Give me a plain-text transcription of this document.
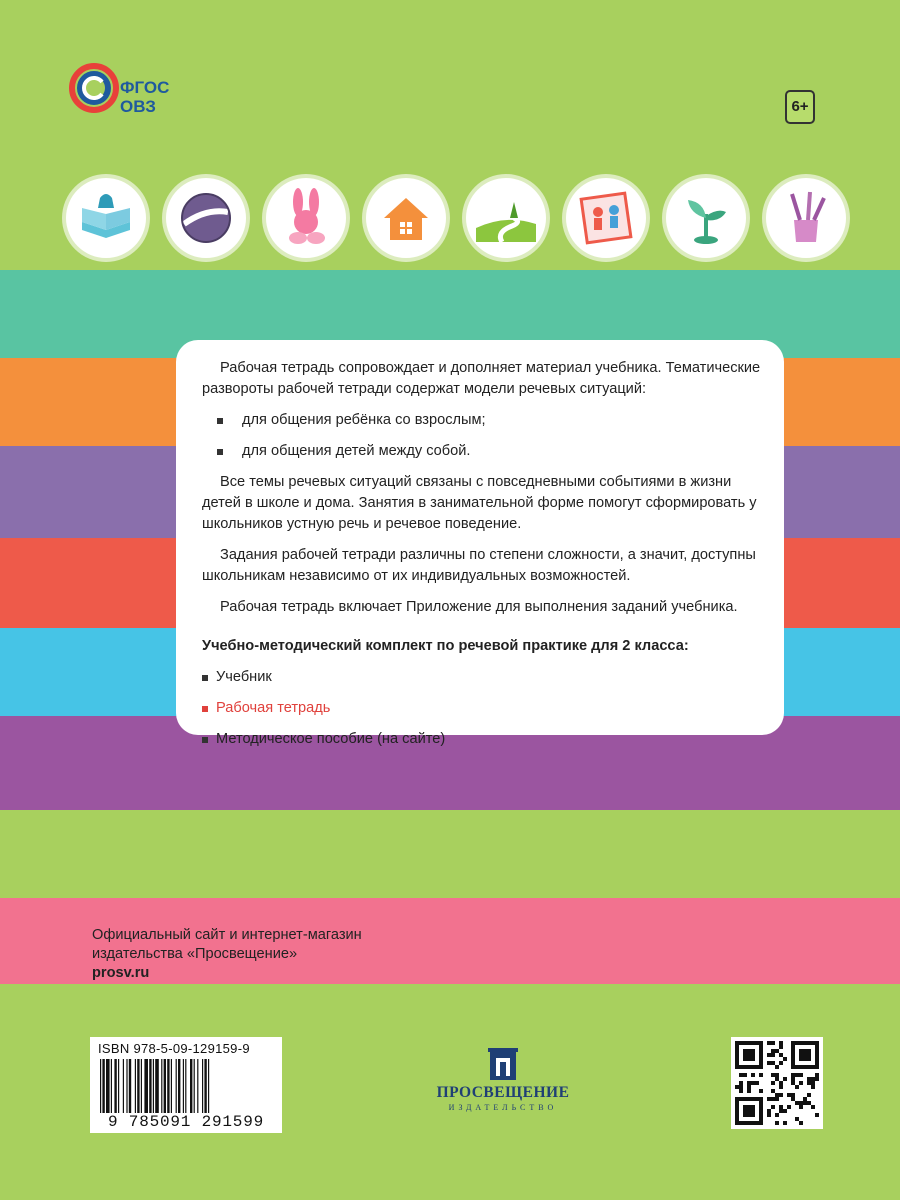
ФГОС
ОВЗ	6+

Рабочая тетрадь сопровождает и дополняет материал учебника. Тематические развороты рабочей тетради содержат модели речевых ситуаций:

для общения ребёнка со взрослым;
для общения детей между собой.

Все темы речевых ситуаций связаны с повседневными событиями в жизни детей в школе и дома. Занятия в занимательной форме помогут сформировать у школьников устную речь и речевое поведение.

Задания рабочей тетради различны по степени сложности, а значит, доступны школьникам независимо от их индивидуальных возможностей.

Рабочая тетрадь включает Приложение для выполнения заданий учебника.

Учебно-методический комплект по речевой практике для 2 класса:
Учебник
Рабочая тетрадь
Методическое пособие (на сайте)
Официальный сайт и интернет-магазин
издательства «Просвещение»
prosv.ru
ISBN 978-5-09-129159-9
9 785091 291599
ПРОСВЕЩЕНИЕ
ИЗДАТЕЛЬСТВО
